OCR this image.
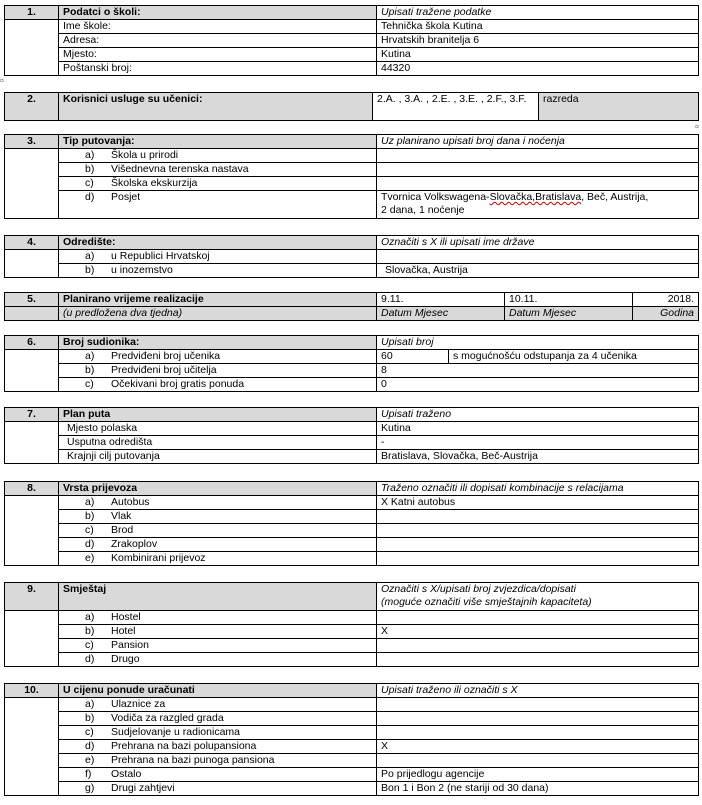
1.	Podatci o školi:	Upisati tražene podatke
	Ime škole:	Tehnička škola Kutina
	Adresa:	Hrvatskih branitelja 6
	Mjesto:	Kutina
	Poštanski broj:	44320
¤
2.	Korisnici usluge su učenici:	2.A. , 3.A. , 2.E. , 3.E. , 2.F., 3.F.	razreda
¤
3.	Tip putovanja:	Uz planirano upisati broj dana i noćenja
	a) Škola u prirodi	
	b) Višednevna terenska nastava	
	c) Školska ekskurzija	
	d) Posjet	Tvornica Volkswagena-Slovačka,Bratislava, Beč, Austrija,
2 dana, 1 noćenje
4.	Odredište:	Označiti s X ili upisati ime države
	a) u Republici Hrvatskoj	
	b) u inozemstvo	Slovačka, Austrija
5.	Planirano vrijeme realizacije	9.11.	10.11.	2018.
	(u predložena dva tjedna)	Datum Mjesec	Datum Mjesec	Godina
6.	Broj sudionika:	Upisati broj	
	a) Predviđeni broj učenika	60	s mogućnošću odstupanja za 4 učenika
	b) Predviđeni broj učitelja	8	
	c) Očekivani broj gratis ponuda	0	
7.	Plan puta	Upisati traženo
	Mjesto polaska	Kutina
	Usputna odredišta	-
	Krajnji cilj putovanja	Bratislava, Slovačka, Beč-Austrija
8.	Vrsta prijevoza	Traženo označiti ili dopisati kombinacije s relacijama
	a) Autobus	X Katni autobus
	b) Vlak	
	c) Brod	
	d) Zrakoplov	
	e) Kombinirani prijevoz	
9.	Smještaj	Označiti s X/upisati broj zvjezdica/dopisati
(moguće označiti više smještajnih kapaciteta)
	a) Hostel	
	b) Hotel	X
	c) Pansion	
	d) Drugo	
10.	U cijenu ponude uračunati	Upisati traženo ili označiti s X
	a) Ulaznice za	
	b) Vodiča za razgled grada	
	c) Sudjelovanje u radionicama	
	d) Prehrana na bazi polupansiona	X
	e) Prehrana na bazi punoga pansiona	
	f) Ostalo	Po prijedlogu agencije
	g) Drugi zahtjevi	Bon 1 i Bon 2 (ne stariji od 30 dana)
